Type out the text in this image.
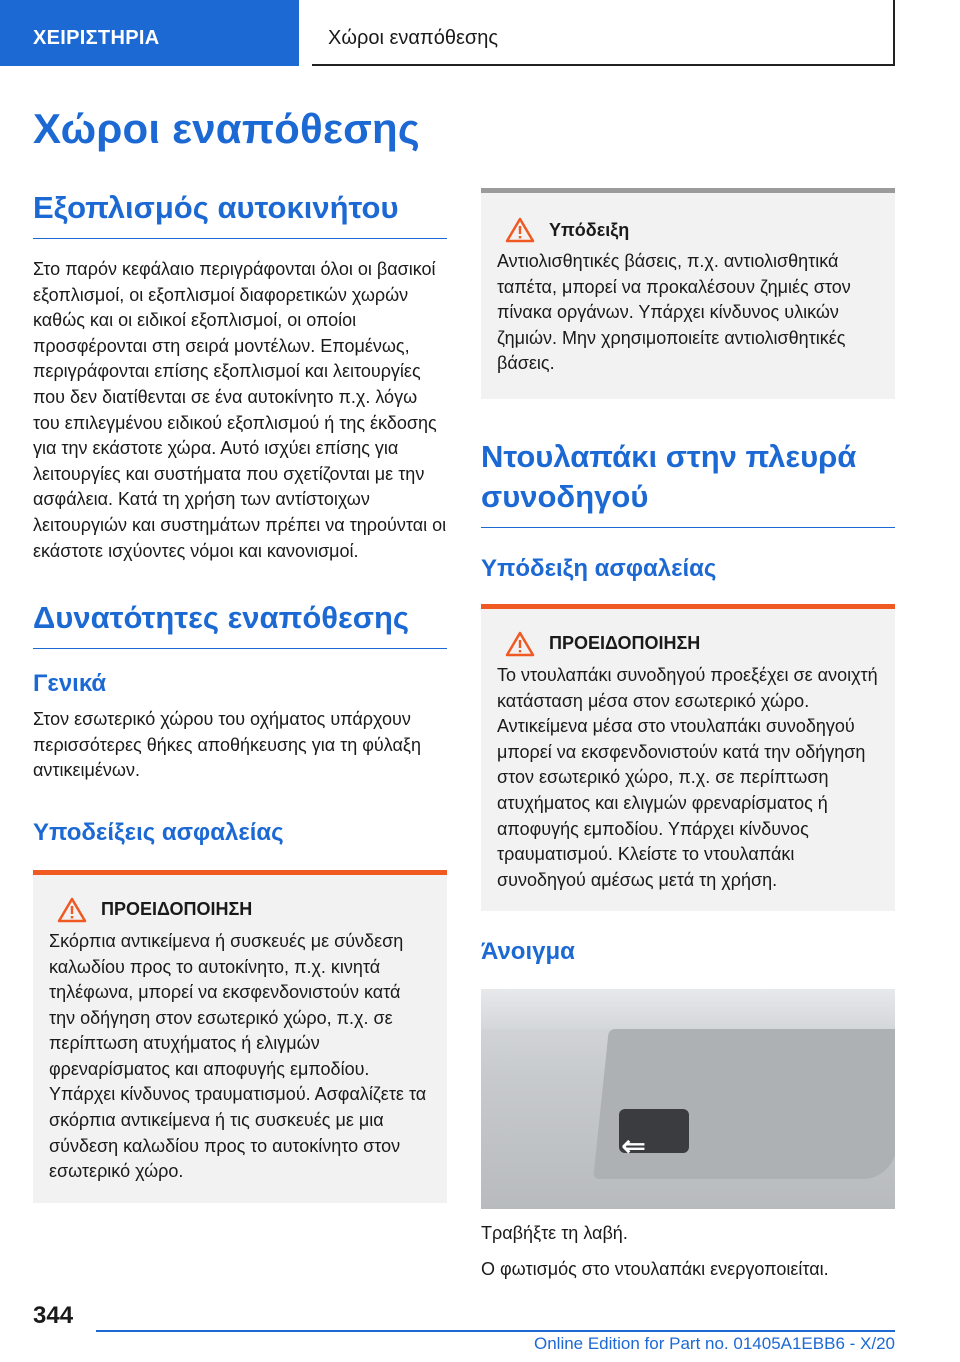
ΧΕΙΡΙΣΤΗΡΙΑ	Χώροι εναπόθεσης
Χώροι εναπόθεσης
Εξοπλισμός αυτοκινήτου

Στο παρόν κεφάλαιο περιγράφονται όλοι οι βασικοί εξοπλισμοί, οι εξοπλισμοί διαφορετικών χωρών καθώς και οι ειδικοί εξοπλισμοί, οι οποίοι προσφέρονται στη σειρά μοντέλων. Επομένως, περιγράφονται επίσης εξοπλισμοί και λειτουργίες που δεν διατίθενται σε ένα αυτοκίνητο π.χ. λόγω του επιλεγμένου ειδικού εξοπλισμού ή της έκδοσης για την εκάστοτε χώρα. Αυτό ισχύει επίσης για λειτουργίες και συστήματα που σχετίζονται με την ασφάλεια. Κατά τη χρήση των αντίστοιχων λειτουργιών και συστημάτων πρέπει να τηρούνται οι εκάστοτε ισχύοντες νόμοι και κανονισμοί.

Δυνατότητες εναπόθεσης
Γενικά

Στον εσωτερικό χώρου του οχήματος υπάρχουν περισσότερες θήκες αποθήκευσης για τη φύλαξη αντικειμένων.

Υποδείξεις ασφαλείας
ΠΡΟΕΙΔΟΠΟΙΗΣΗ

Σκόρπια αντικείμενα ή συσκευές με σύνδεση καλωδίου προς το αυτοκίνητο, π.χ. κινητά τηλέφωνα, μπορεί να εκσφενδονιστούν κατά την οδήγηση στον εσωτερικό χώρο, π.χ. σε περίπτωση ατυχήματος ή ελιγμών φρεναρίσματος και αποφυγής εμποδίου. Υπάρχει κίνδυνος τραυματισμού. Ασφαλίζετε τα σκόρπια αντικείμενα ή τις συσκευές με μια σύνδεση καλωδίου προς το αυτοκίνητο στον εσωτερικό χώρο.

Υπόδειξη

Αντιολισθητικές βάσεις, π.χ. αντιολισθητικά ταπέτα, μπορεί να προκαλέσουν ζημιές στον πίνακα οργάνων. Υπάρχει κίνδυνος υλικών ζημιών. Μην χρησιμοποιείτε αντιολισθητικές βάσεις.

Ντουλαπάκι στην πλευρά συνοδηγού
Υπόδειξη ασφαλείας
ΠΡΟΕΙΔΟΠΟΙΗΣΗ

Το ντουλαπάκι συνοδηγού προεξέχει σε ανοιχτή κατάσταση μέσα στον εσωτερικό χώρο. Αντικείμενα μέσα στο ντουλαπάκι συνοδηγού μπορεί να εκσφενδονιστούν κατά την οδήγηση στον εσωτερικό χώρο, π.χ. σε περίπτωση ατυχήματος και ελιγμών φρεναρίσματος ή αποφυγής εμποδίου. Υπάρχει κίνδυνος τραυματισμού. Κλείστε το ντουλαπάκι συνοδηγού αμέσως μετά τη χρήση.

Άνοιγμα
⇐

Τραβήξτε τη λαβή.

Ο φωτισμός στο ντουλαπάκι ενεργοποιείται.

344
Online Edition for Part no. 01405A1EBB6 - X/20
